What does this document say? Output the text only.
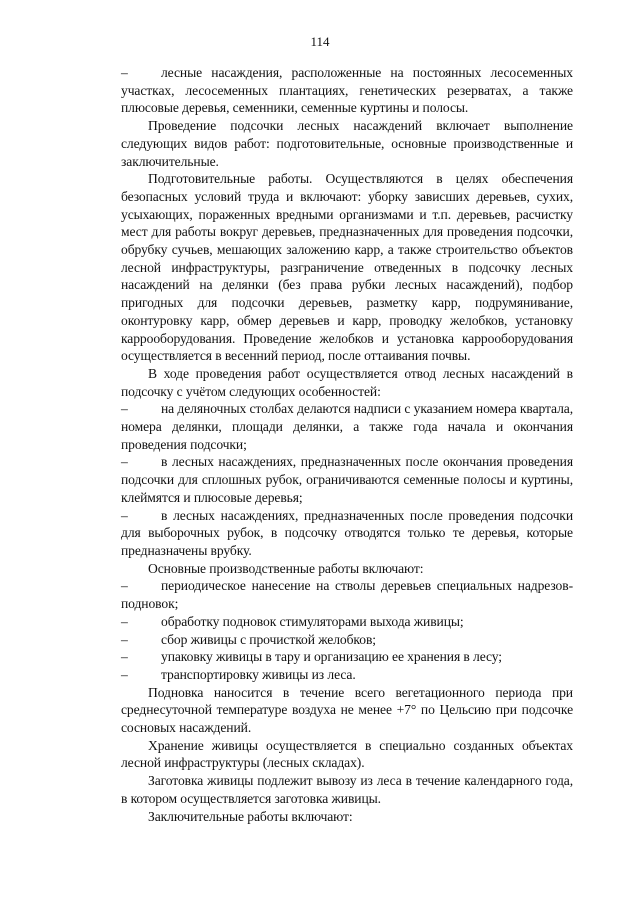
114

– лесные насаждения, расположенные на постоянных лесосеменных участках, лесосеменных плантациях, генетических резерватах, а также плюсовые деревья, семенники, семенные куртины и полосы.

Проведение подсочки лесных насаждений включает выполнение следующих видов работ: подготовительные, основные производственные и заключительные.

Подготовительные работы. Осуществляются в целях обеспечения безопасных условий труда и включают: уборку зависших деревьев, сухих, усыхающих, пораженных вредными организмами и т.п. деревьев, расчистку мест для работы вокруг деревьев, предназначенных для проведения подсочки, обрубку сучьев, мешающих заложению карр, а также строительство объектов лесной инфраструктуры, разграничение отведенных в подсочку лесных насаждений на делянки (без права рубки лесных насаждений), подбор пригодных для подсочки деревьев, разметку карр, подрумянивание, оконтуровку карр, обмер деревьев и карр, проводку желобков, установку каррооборудования. Проведение желобков и установка каррооборудования осуществляется в весенний период, после оттаивания почвы.

В ходе проведения работ осуществляется отвод лесных насаждений в подсочку с учётом следующих особенностей:

– на деляночных столбах делаются надписи с указанием номера квартала, номера делянки, площади делянки, а также года начала и окончания проведения подсочки;

– в лесных насаждениях, предназначенных после окончания проведения подсочки для сплошных рубок, ограничиваются семенные полосы и куртины, клеймятся и плюсовые деревья;

– в лесных насаждениях, предназначенных после проведения подсочки для выборочных рубок, в подсочку отводятся только те деревья, которые предназначены врубку.

Основные производственные работы включают:

– периодическое нанесение на стволы деревьев специальных надрезов-подновок;

– обработку подновок стимуляторами выхода живицы;

– сбор живицы с прочисткой желобков;

– упаковку живицы в тару и организацию ее хранения в лесу;

– транспортировку живицы из леса.

Подновка наносится в течение всего вегетационного периода при среднесуточной температуре воздуха не менее +7° по Цельсию при подсочке сосновых насаждений.

Хранение живицы осуществляется в специально созданных объектах лесной инфраструктуры (лесных складах).

Заготовка живицы подлежит вывозу из леса в течение календарного года, в котором осуществляется заготовка живицы.

Заключительные работы включают:
